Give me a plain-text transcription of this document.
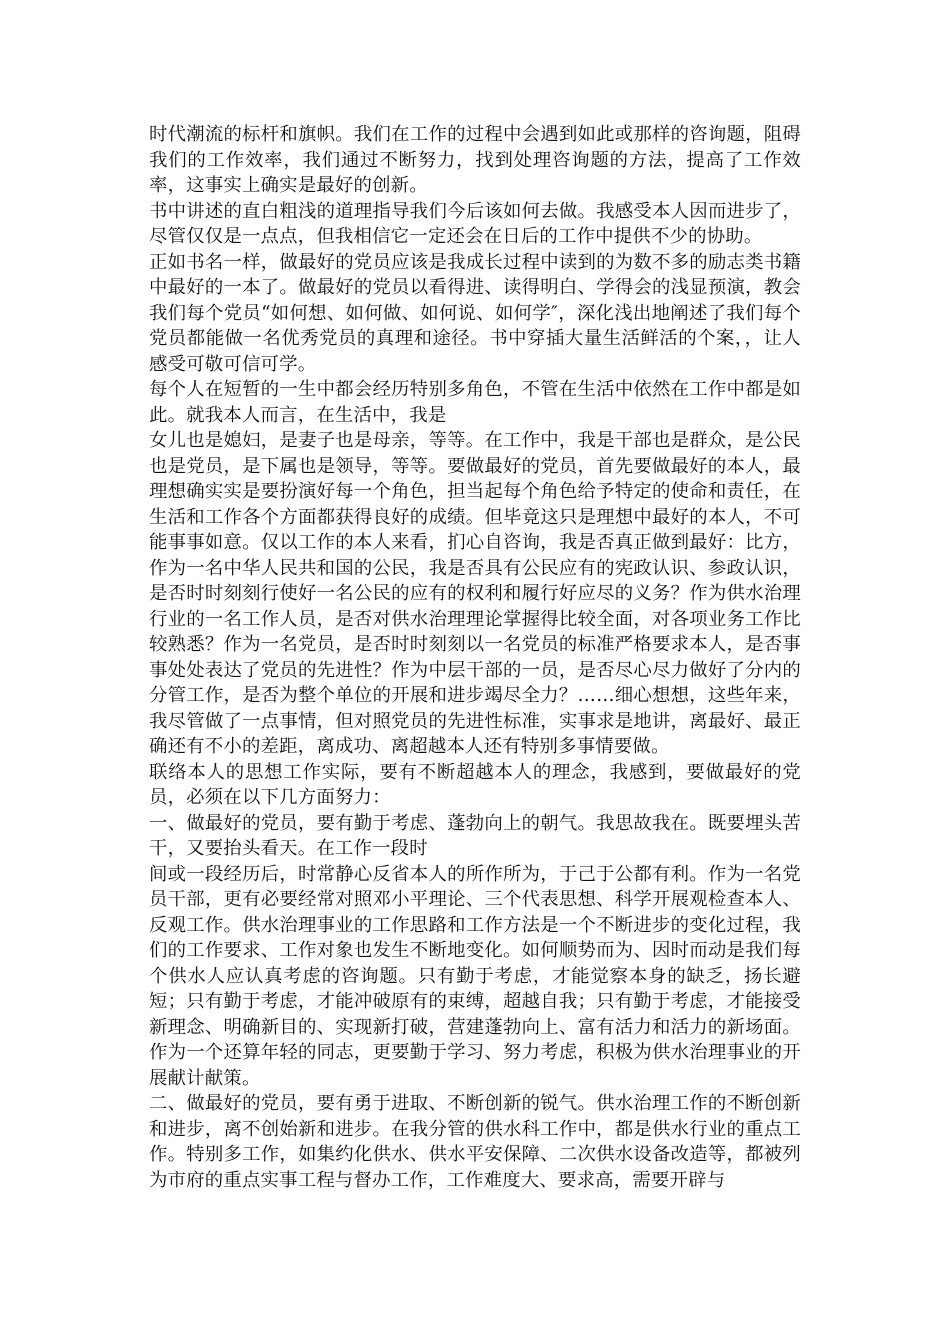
时代潮流的标杆和旗帜。我们在工作的过程中会遇到如此或那样的咨询题，阻碍我们的工作效率，我们通过不断努力，找到处理咨询题的方法，提高了工作效率，这事实上确实是最好的创新。

书中讲述的直白粗浅的道理指导我们今后该如何去做。我感受本人因而进步了，尽管仅仅是一点点，但我相信它一定还会在日后的工作中提供不少的协助。

正如书名一样，做最好的党员应该是我成长过程中读到的为数不多的励志类书籍中最好的一本了。做最好的党员以看得进、读得明白、学得会的浅显预演，教会我们每个党员“如何想、如何做、如何说、如何学″，深化浅出地阐述了我们每个党员都能做一名优秀党员的真理和途径。书中穿插大量生活鲜活的个案，，让人感受可敬可信可学。

每个人在短暂的一生中都会经历特别多角色，不管在生活中依然在工作中都是如此。就我本人而言，在生活中，我是

女儿也是媳妇，是妻子也是母亲，等等。在工作中，我是干部也是群众，是公民也是党员，是下属也是领导，等等。要做最好的党员，首先要做最好的本人，最理想确实实是要扮演好每一个角色，担当起每个角色给予特定的使命和责任，在生活和工作各个方面都获得良好的成绩。但毕竟这只是理想中最好的本人，不可能事事如意。仅以工作的本人来看，扪心自咨询，我是否真正做到最好：比方，作为一名中华人民共和国的公民，我是否具有公民应有的宪政认识、参政认识，是否时时刻刻行使好一名公民的应有的权利和履行好应尽的义务？作为供水治理行业的一名工作人员，是否对供水治理理论掌握得比较全面，对各项业务工作比较熟悉？作为一名党员，是否时时刻刻以一名党员的标准严格要求本人，是否事事处处表达了党员的先进性？作为中层干部的一员，是否尽心尽力做好了分内的分管工作，是否为整个单位的开展和进步竭尽全力？……细心想想，这些年来，我尽管做了一点事情，但对照党员的先进性标准，实事求是地讲，离最好、最正确还有不小的差距，离成功、离超越本人还有特别多事情要做。

联络本人的思想工作实际，要有不断超越本人的理念，我感到，要做最好的党员，必须在以下几方面努力：

一、做最好的党员，要有勤于考虑、蓬勃向上的朝气。我思故我在。既要埋头苦干，又要抬头看天。在工作一段时

间或一段经历后，时常静心反省本人的所作所为，于己于公都有利。作为一名党员干部，更有必要经常对照邓小平理论、三个代表思想、科学开展观检查本人、反观工作。供水治理事业的工作思路和工作方法是一个不断进步的变化过程，我们的工作要求、工作对象也发生不断地变化。如何顺势而为、因时而动是我们每个供水人应认真考虑的咨询题。只有勤于考虑，才能觉察本身的缺乏，扬长避短；只有勤于考虑，才能冲破原有的束缚，超越自我；只有勤于考虑，才能接受新理念、明确新目的、实现新打破，营建蓬勃向上、富有活力和活力的新场面。作为一个还算年轻的同志，更要勤于学习、努力考虑，积极为供水治理事业的开展献计献策。

二、做最好的党员，要有勇于进取、不断创新的锐气。供水治理工作的不断创新和进步，离不创始新和进步。在我分管的供水科工作中，都是供水行业的重点工作。特别多工作，如集约化供水、供水平安保障、二次供水设备改造等，都被列为市府的重点实事工程与督办工作，工作难度大、要求高，需要开辟与
